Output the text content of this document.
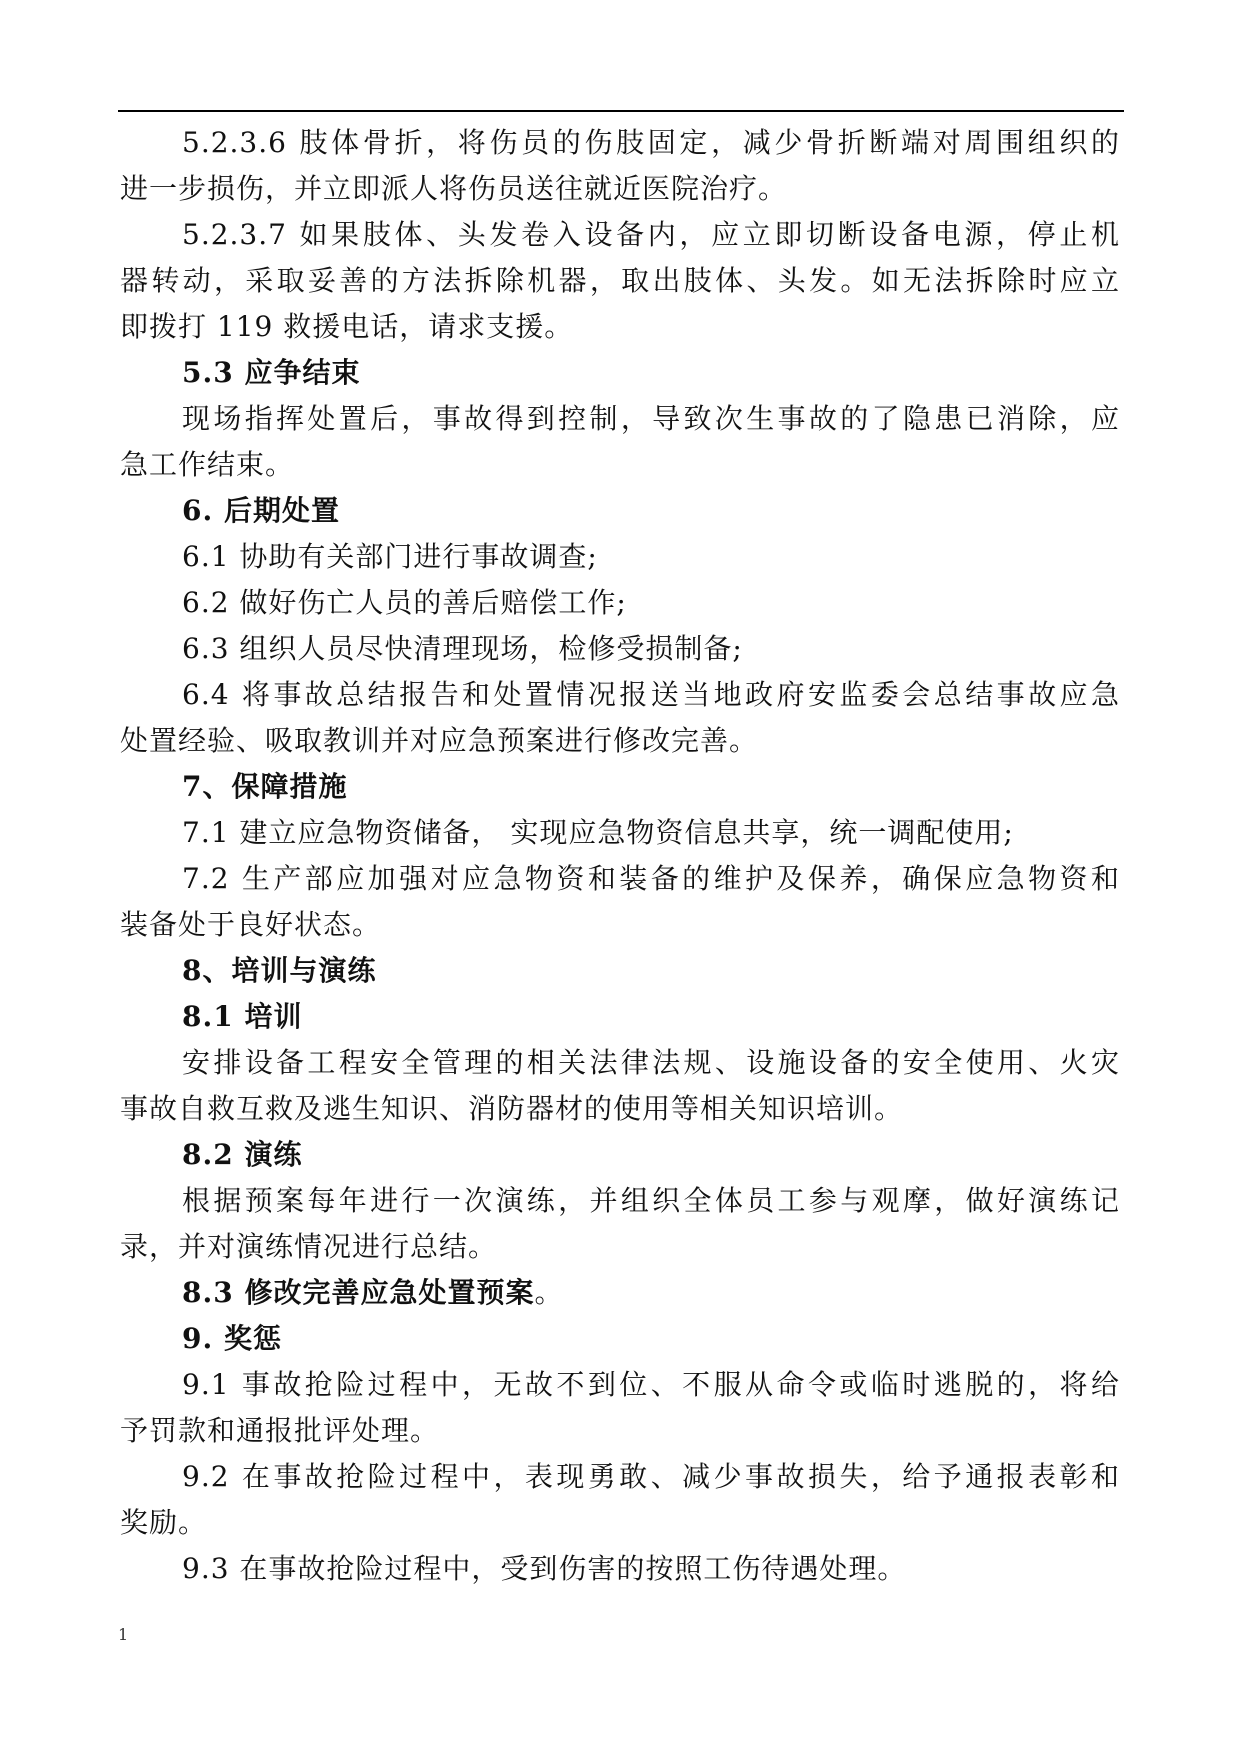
5.2.3.6 肢体骨折，将伤员的伤肢固定，减少骨折断端对周围组织的
进一步损伤，并立即派人将伤员送往就近医院治疗。
5.2.3.7 如果肢体、头发卷入设备内，应立即切断设备电源，停止机
器转动，采取妥善的方法拆除机器，取出肢体、头发。如无法拆除时应立
即拨打 119 救援电话，请求支援。
5.3 应争结束
现场指挥处置后，事故得到控制，导致次生事故的了隐患已消除，应
急工作结束。
6. 后期处置
6.1 协助有关部门进行事故调查;
6.2 做好伤亡人员的善后赔偿工作;
6.3 组织人员尽快清理现场，检修受损制备;
6.4 将事故总结报告和处置情况报送当地政府安监委会总结事故应急
处置经验、吸取教训并对应急预案进行修改完善。
7、保障措施
7.1 建立应急物资储备， 实现应急物资信息共享，统一调配使用;
7.2 生产部应加强对应急物资和装备的维护及保养，确保应急物资和
装备处于良好状态。
8、培训与演练
8.1 培训
安排设备工程安全管理的相关法律法规、设施设备的安全使用、火灾
事故自救互救及逃生知识、消防器材的使用等相关知识培训。
8.2 演练
根据预案每年进行一次演练，并组织全体员工参与观摩，做好演练记
录，并对演练情况进行总结。
8.3 修改完善应急处置预案。
9. 奖惩
9.1 事故抢险过程中，无故不到位、不服从命令或临时逃脱的，将给
予罚款和通报批评处理。
9.2 在事故抢险过程中，表现勇敢、减少事故损失，给予通报表彰和
奖励。
9.3 在事故抢险过程中，受到伤害的按照工伤待遇处理。
1
